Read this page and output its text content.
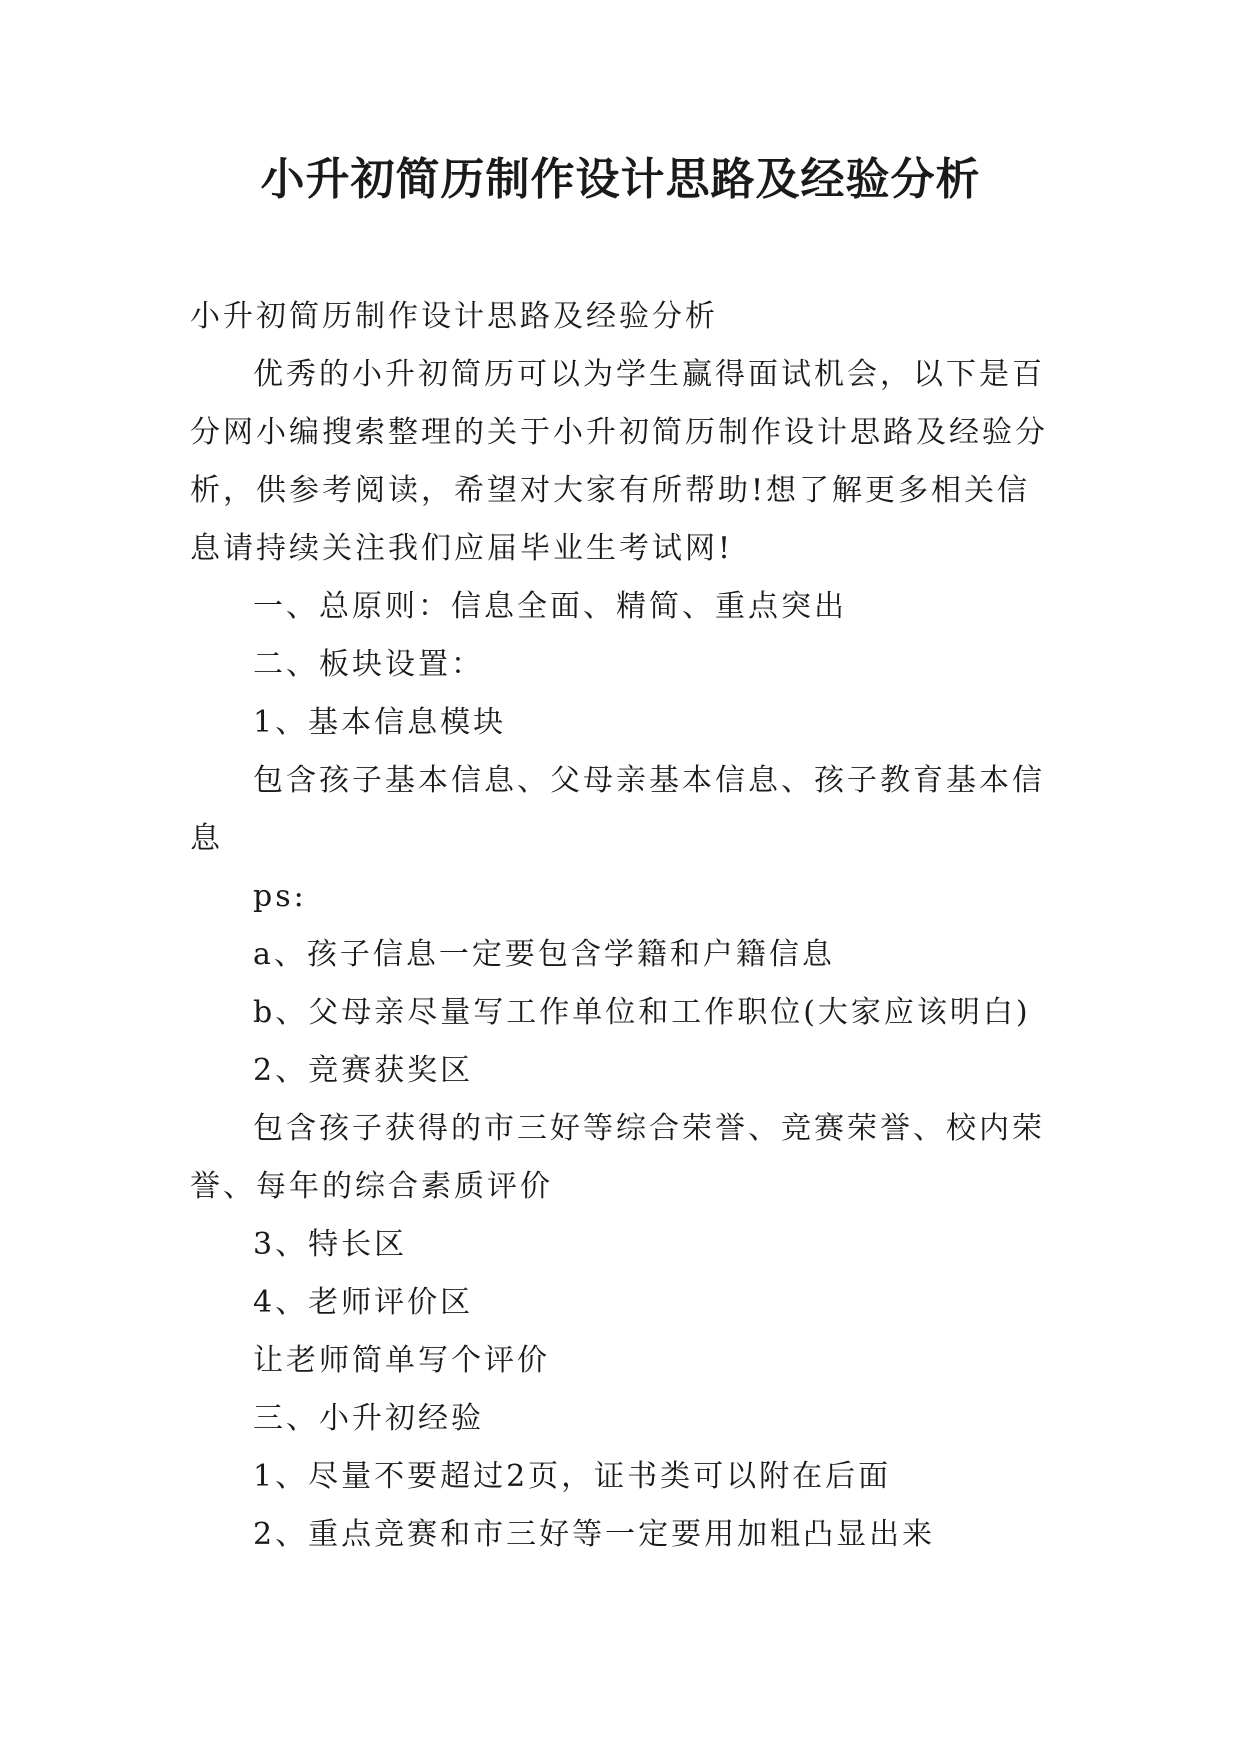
小升初简历制作设计思路及经验分析

小升初简历制作设计思路及经验分析

优秀的小升初简历可以为学生赢得面试机会，以下是百分网小编搜索整理的关于小升初简历制作设计思路及经验分析，供参考阅读，希望对大家有所帮助!想了解更多相关信息请持续关注我们应届毕业生考试网!

一、总原则：信息全面、精简、重点突出

二、板块设置：

1、基本信息模块

包含孩子基本信息、父母亲基本信息、孩子教育基本信息

ps:

a、孩子信息一定要包含学籍和户籍信息

b、父母亲尽量写工作单位和工作职位(大家应该明白)

2、竞赛获奖区

包含孩子获得的市三好等综合荣誉、竞赛荣誉、校内荣誉、每年的综合素质评价

3、特长区

4、老师评价区

让老师简单写个评价

三、小升初经验

1、尽量不要超过2页，证书类可以附在后面

2、重点竞赛和市三好等一定要用加粗凸显出来
